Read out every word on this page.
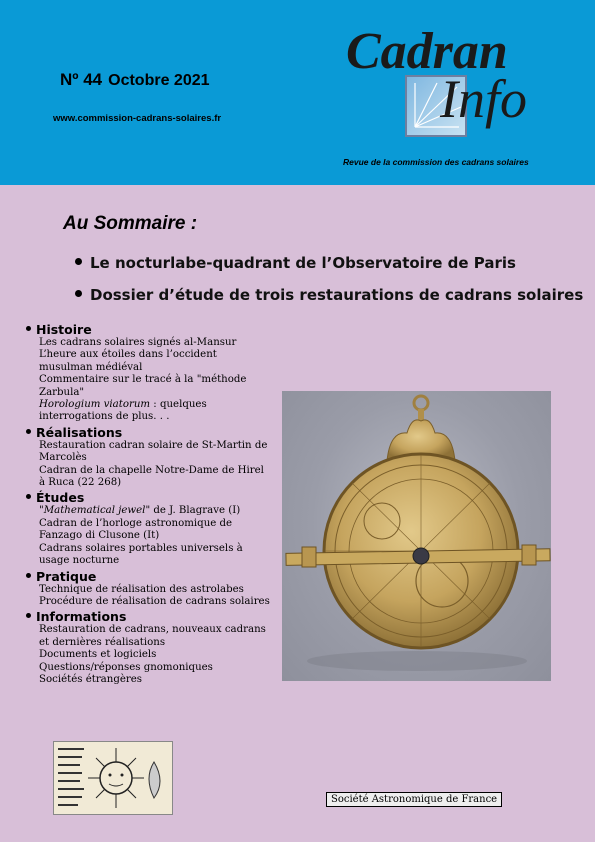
Nº 44 Octobre 2021
www.commission-cadrans-solaires.fr
Cadran
Info
Revue de la commission des cadrans solaires
Au Sommaire :
Le nocturlabe-quadrant de l’Observatoire de Paris
Dossier d’étude de trois restaurations de cadrans solaires
Histoire
Les cadrans solaires signés al-Mansur
L’heure aux étoiles dans l’occident musulman médiéval
Commentaire sur le tracé à la "méthode Zarbula"
Horologium viatorum : quelques interrogations de plus. . .
Réalisations
Restauration cadran solaire de St-Martin de Marcolès
Cadran de la chapelle Notre-Dame de Hirel à Ruca (22 268)
Études
"Mathematical jewel" de J. Blagrave (I)
Cadran de l’horloge astronomique de Fanzago di Clusone (It)
Cadrans solaires portables universels à usage nocturne
Pratique
Technique de réalisation des astrolabes
Procédure de réalisation de cadrans solaires
Informations
Restauration de cadrans, nouveaux cadrans et dernières réalisations
Documents et logiciels
Questions/réponses gnomoniques
Sociétés étrangères
Société Astronomique de France
